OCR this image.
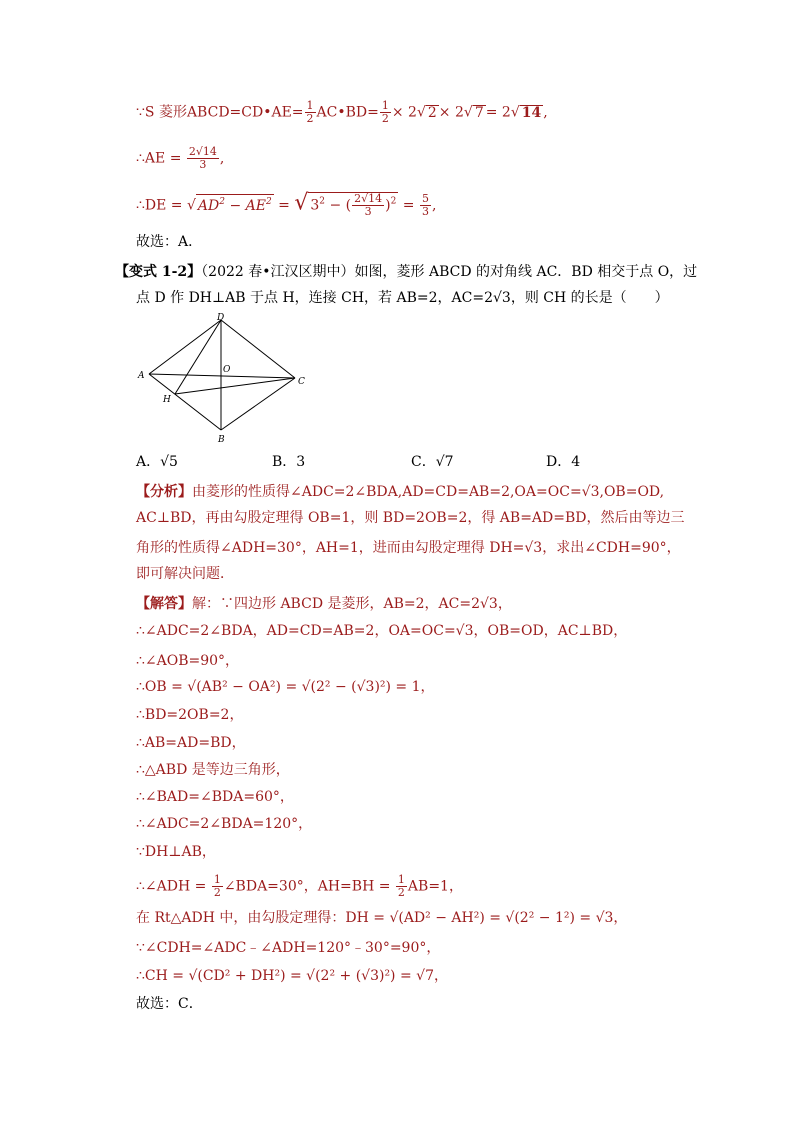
∵S 菱形ABCD=CD•AE= $\frac{1}{2}$ AC•BD= $\frac{1}{2} \times 2√$ 2 × 2√ 7 = 2√ 14 ,
∴AE = $\frac{2√14}{3}$ ,
∴DE = √ $AD^2 - AE^2$ = √ $3^2$ − ( $\frac{2√14}{3} )^2 = \frac{5}{3}$ ,
故选：A．
【变式 1-2】（2022 春•江汉区期中）如图，菱形 ABCD 的对角线 AC．BD 相交于点 O，过
点 D 作 DH⊥AB 于点 H，连接 CH，若 AB=2，AC=2√3，则 CH 的长是（　　）
D
A
O
C
H
B
A．√5	B．3	C．√7	D．4
【分析】由菱形的性质得∠ADC=2∠BDA,AD=CD=AB=2,OA=OC=√3,OB=OD,
AC⊥BD，再由勾股定理得 OB=1，则 BD=2OB=2，得 AB=AD=BD，然后由等边三
角形的性质得∠ADH=30°，AH=1，进而由勾股定理得 DH=√3，求出∠CDH=90°，
即可解决问题．
【解答】解：∵四边形 ABCD 是菱形，AB=2，AC=2√3，
∴∠ADC=2∠BDA，AD=CD=AB=2，OA=OC=√3，OB=OD，AC⊥BD，
∴∠AOB=90°，
∴OB = √(AB² − OA²) = √(2² − (√3)²) = 1，
∴BD=2OB=2，
∴AB=AD=BD，
∴△ABD 是等边三角形，
∴∠BAD=∠BDA=60°，
∴∠ADC=2∠BDA=120°，
∵DH⊥AB，
∴∠ADH = $\frac{1}{2}$ ∠BDA=30°，$AH=BH = \frac{1}{2} AB=1$，
在 Rt△ADH 中，由勾股定理得：DH = √(AD² − AH²) = √(2² − 1²) = √3，
∵∠CDH=∠ADC﹣∠ADH=120°﹣30°=90°，
∴CH = √(CD² + DH²) = √(2² + (√3)²) = √7，
故选：C．
